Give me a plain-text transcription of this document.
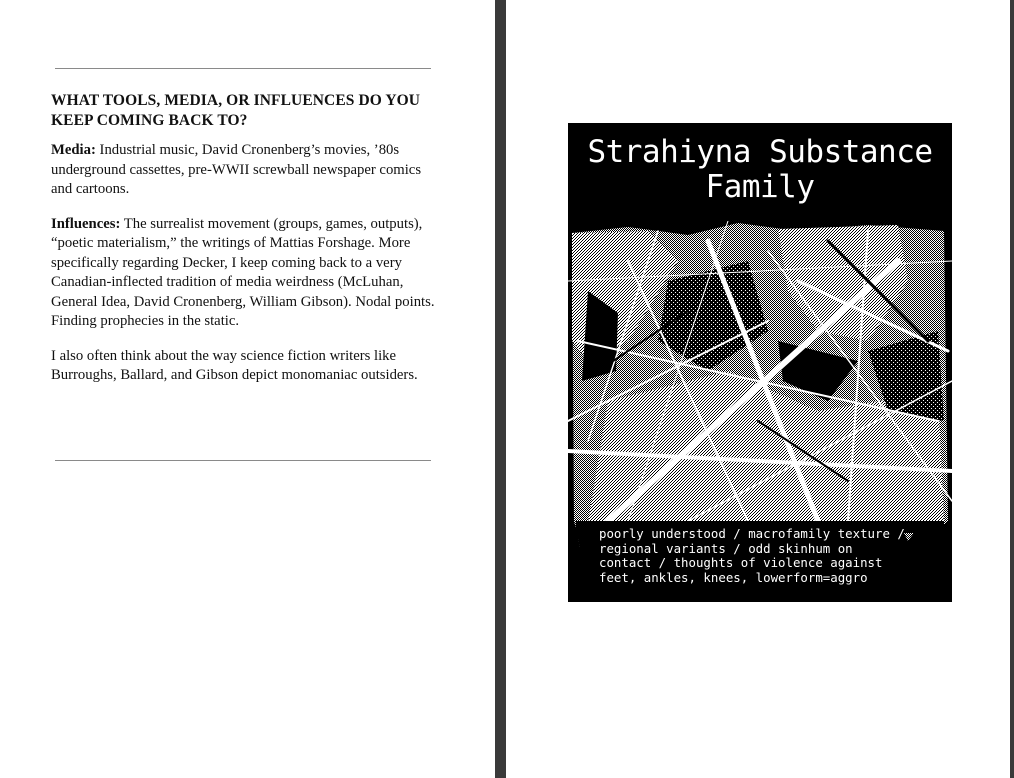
WHAT TOOLS, MEDIA, OR INFLUENCES DO YOU KEEP COMING BACK TO?

Media: Industrial music, David Cronenberg’s movies, ’80s underground cassettes, pre-WWII screwball newspaper comics and cartoons.

Influences: The surrealist movement (groups, games, outputs), “poetic materialism,” the writings of Mattias Forshage. More specifically regarding Decker, I keep coming back to a very Canadian-inflected tradition of media weirdness (McLuhan, General Idea, David Cronenberg, William Gibson). Nodal points. Finding prophecies in the static.

I also often think about the way science fiction writers like Burroughs, Ballard, and Gibson depict monomaniac outsiders.

Strahiyna Substance
Family
poorly understood / macrofamily texture /
regional variants / odd skinhum on
contact / thoughts of violence against
feet, ankles, knees, lowerform=aggro
